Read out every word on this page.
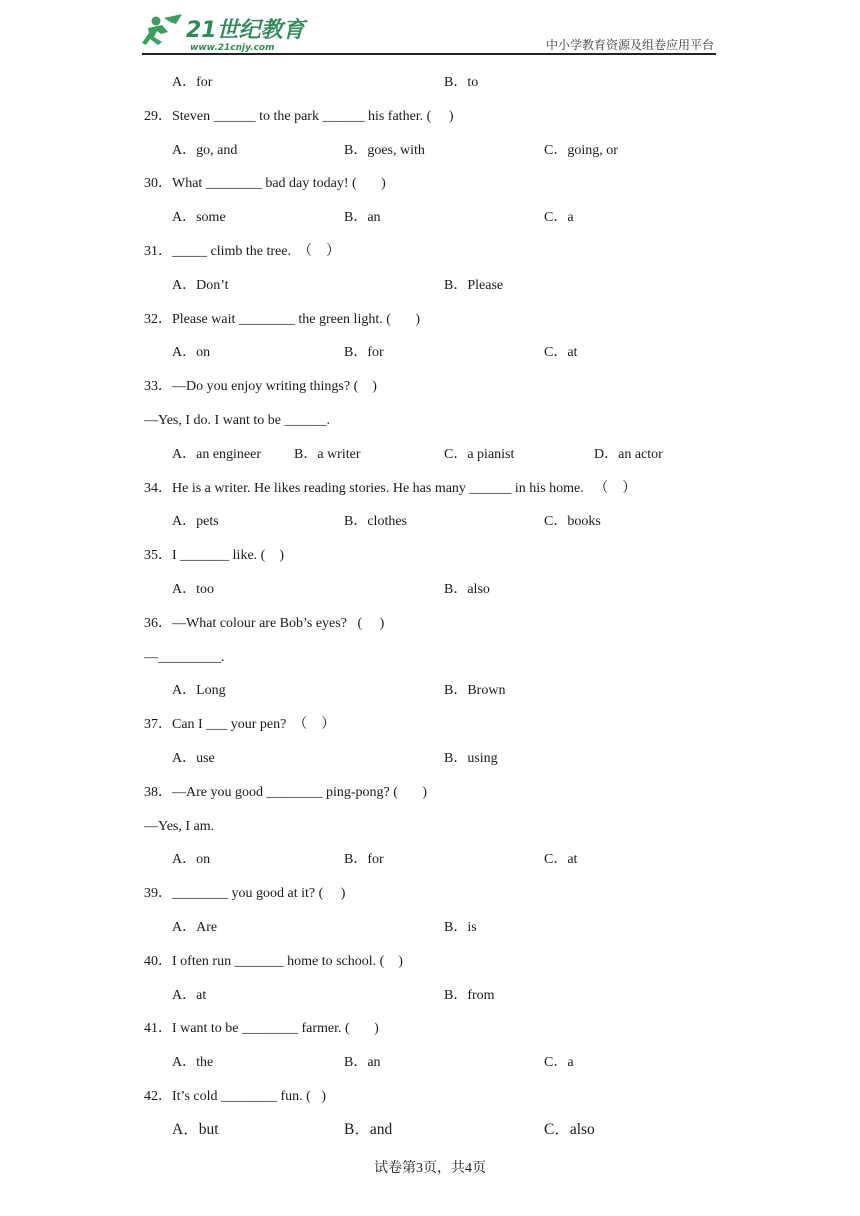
21世纪教育
www.21cnjy.com	中小学教育资源及组卷应用平台
A．for	B．to
29．Steven ______ to the park ______ his father. (     )
A．go, and	B．goes, with	C．going, or
30．What ________ bad day today! (       )
A．some	B．an	C．a
31．_____ climb the tree.  （    ）
A．Don’t	B．Please
32．Please wait ________ the green light. (       )
A．on	B．for	C．at
33．—Do you enjoy writing things? (    )
—Yes, I do. I want to be ______.
A．an engineer B．a writer	C．a pianist	D．an actor
34．He is a writer. He likes reading stories. He has many ______ in his home.   （    ）
A．pets	B．clothes	C．books
35．I _______ like. (    )
A．too	B．also
36．—What colour are Bob’s eyes?   (     )
—_________.
A．Long	B．Brown
37．Can I ___ your pen?  （    ）
A．use	B．using
38．—Are you good ________ ping-pong? (       )
—Yes, I am.
A．on	B．for	C．at
39．________ you good at it? (     )
A．Are	B．is
40．I often run _______ home to school. (    )
A．at	B．from
41．I want to be ________ farmer. (       )
A．the	B．an	C．a
42．It’s cold ________ fun. (   )
A．but	B．and	C．also
试卷第3页，共4页
